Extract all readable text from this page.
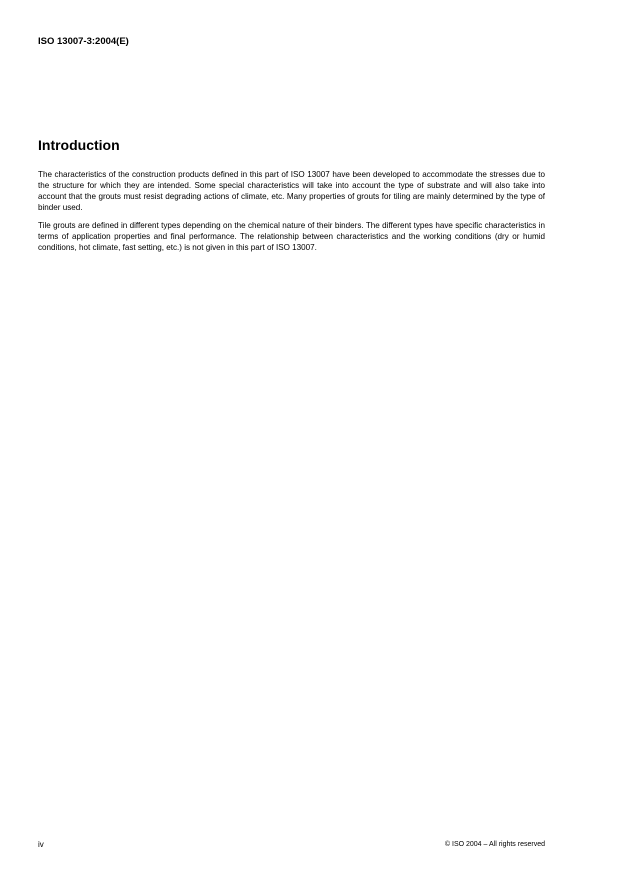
ISO 13007-3:2004(E)
Introduction
The characteristics of the construction products defined in this part of ISO 13007 have been developed to accommodate the stresses due to the structure for which they are intended. Some special characteristics will take into account the type of substrate and will also take into account that the grouts must resist degrading actions of climate, etc. Many properties of grouts for tiling are mainly determined by the type of binder used.
Tile grouts are defined in different types depending on the chemical nature of their binders. The different types have specific characteristics in terms of application properties and final performance. The relationship between characteristics and the working conditions (dry or humid conditions, hot climate, fast setting, etc.) is not given in this part of ISO 13007.
iv	© ISO 2004 – All rights reserved
